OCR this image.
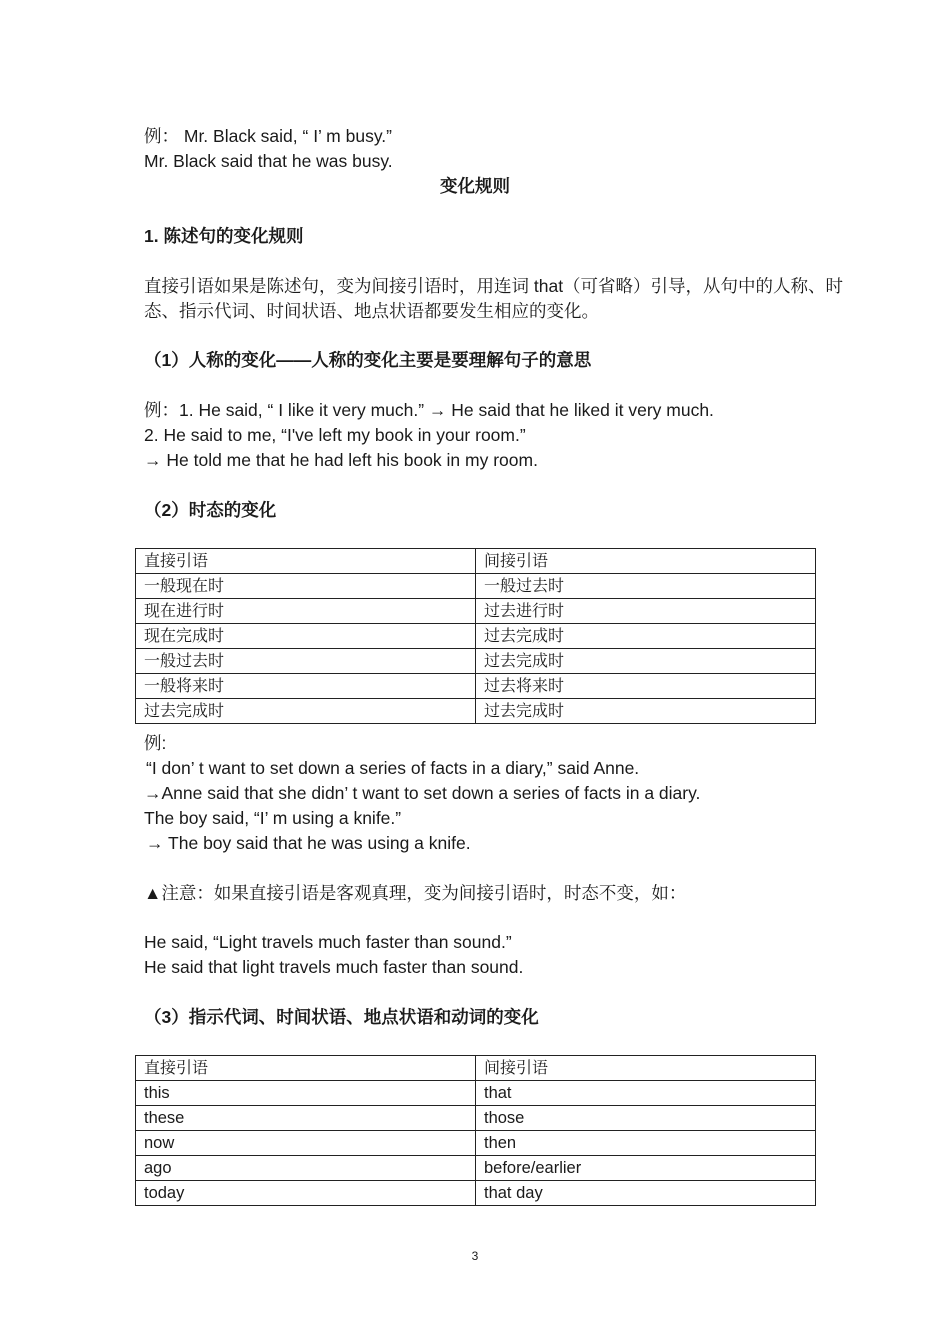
例： Mr. Black said, “ I’ m busy.”
Mr. Black said that he was busy.
变化规则
1. 陈述句的变化规则
直接引语如果是陈述句，变为间接引语时，用连词 that（可省略）引导，从句中的人称、时
态、指示代词、时间状语、地点状语都要发生相应的变化。
（1）人称的变化——人称的变化主要是要理解句子的意思
例：1. He said, “ I like it very much.” → He said that he liked it very much.
2. He said to me, “I've left my book in your room.”
→ He told me that he had left his book in my room.
（2）时态的变化
直接引语	间接引语
一般现在时	一般过去时
现在进行时	过去进行时
现在完成时	过去完成时
一般过去时	过去完成时
一般将来时	过去将来时
过去完成时	过去完成时
例:
“I don’ t want to set down a series of facts in a diary,” said Anne.
→Anne said that she didn’ t want to set down a series of facts in a diary.
The boy said, “I’ m using a knife.”
→ The boy said that he was using a knife.
▲注意：如果直接引语是客观真理，变为间接引语时，时态不变，如：
He said, “Light travels much faster than sound.”
He said that light travels much faster than sound.
（3）指示代词、时间状语、地点状语和动词的变化
直接引语	间接引语
this	that
these	those
now	then
ago	before/earlier
today	that day
3
